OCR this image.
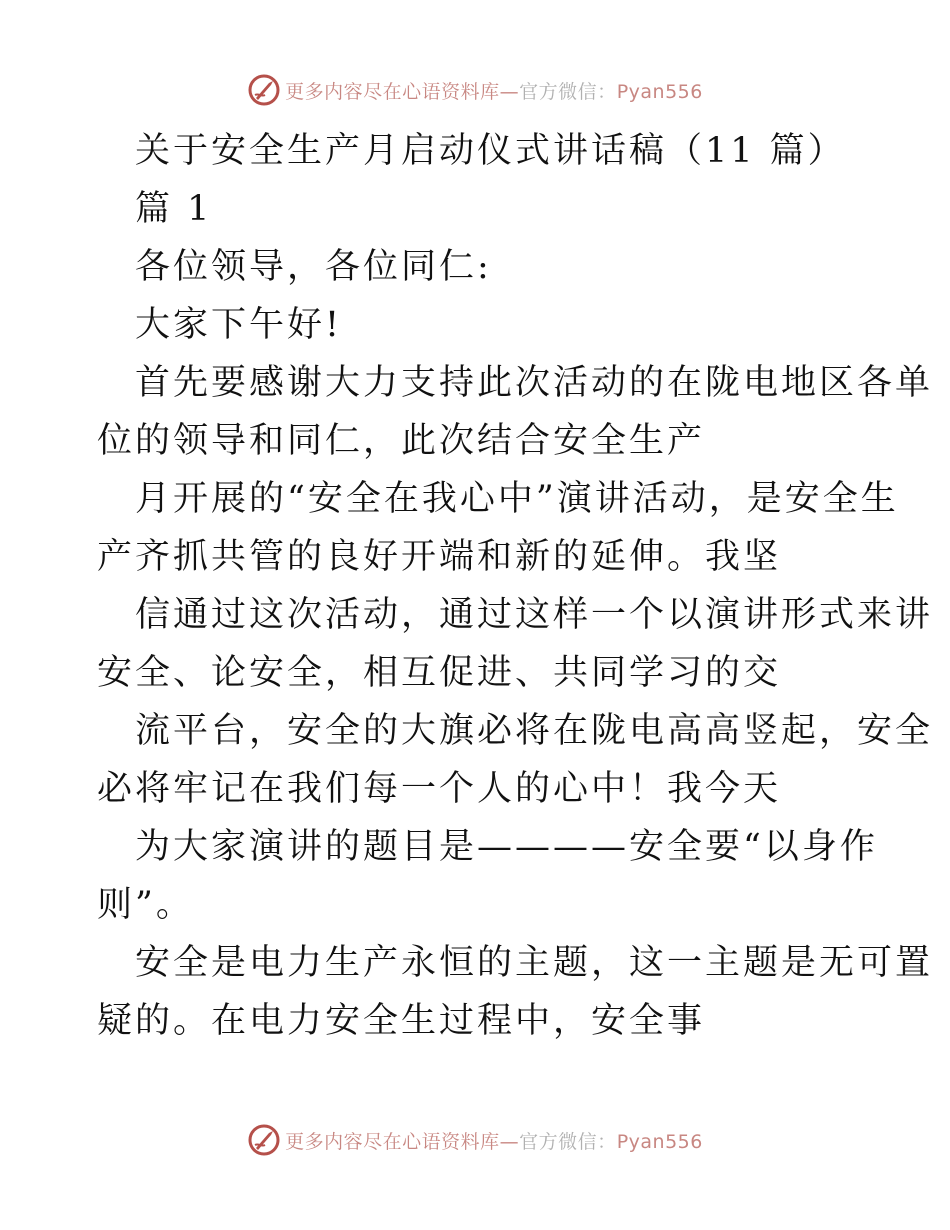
更多内容尽在心语资料库—官方微信：Pyan556
关于安全生产月启动仪式讲话稿（11 篇）
篇 1
各位领导，各位同仁:
大家下午好!
首先要感谢大力支持此次活动的在陇电地区各单
位的领导和同仁，此次结合安全生产
月开展的“安全在我心中”演讲活动，是安全生
产齐抓共管的良好开端和新的延伸。我坚
信通过这次活动，通过这样一个以演讲形式来讲
安全、论安全，相互促进、共同学习的交
流平台，安全的大旗必将在陇电高高竖起，安全
必将牢记在我们每一个人的心中！我今天
为大家演讲的题目是————安全要“以身作
则”。
安全是电力生产永恒的主题，这一主题是无可置
疑的。在电力安全生过程中，安全事
更多内容尽在心语资料库—官方微信：Pyan556
